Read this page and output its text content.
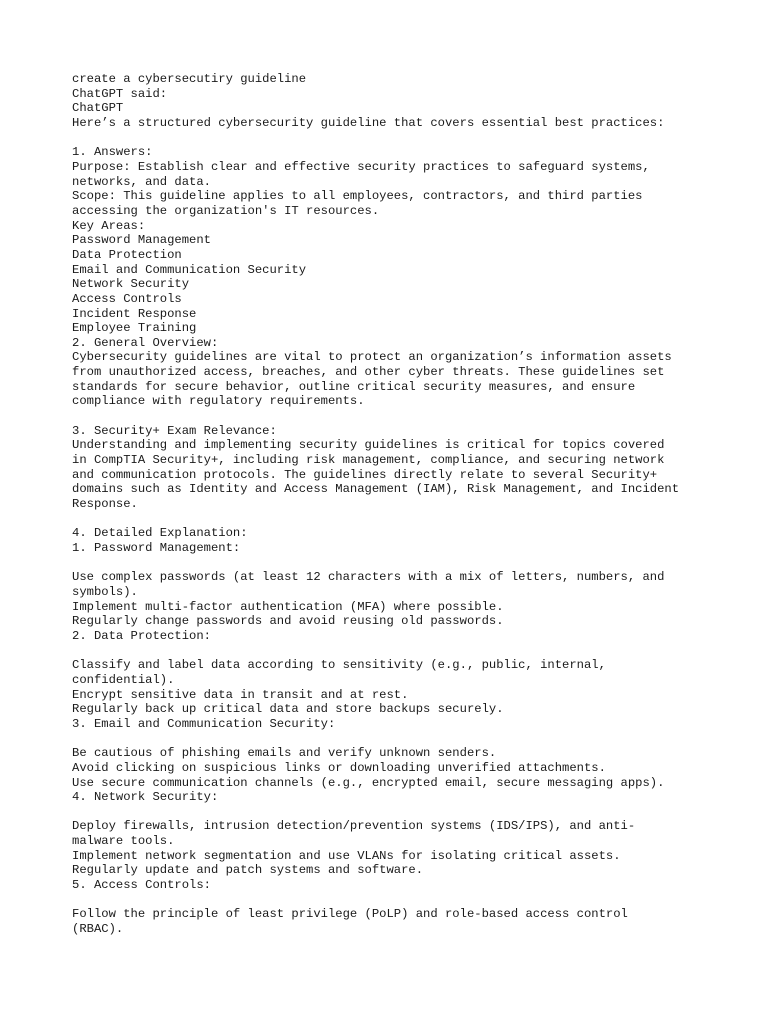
create a cybersecutiry guideline
ChatGPT said:
ChatGPT
Here’s a structured cybersecurity guideline that covers essential best practices:
1. Answers:
Purpose: Establish clear and effective security practices to safeguard systems,
networks, and data.
Scope: This guideline applies to all employees, contractors, and third parties
accessing the organization's IT resources.
Key Areas:
Password Management
Data Protection
Email and Communication Security
Network Security
Access Controls
Incident Response
Employee Training
2. General Overview:
Cybersecurity guidelines are vital to protect an organization’s information assets
from unauthorized access, breaches, and other cyber threats. These guidelines set
standards for secure behavior, outline critical security measures, and ensure
compliance with regulatory requirements.
3. Security+ Exam Relevance:
Understanding and implementing security guidelines is critical for topics covered
in CompTIA Security+, including risk management, compliance, and securing network
and communication protocols. The guidelines directly relate to several Security+
domains such as Identity and Access Management (IAM), Risk Management, and Incident
Response.
4. Detailed Explanation:
1. Password Management:
Use complex passwords (at least 12 characters with a mix of letters, numbers, and
symbols).
Implement multi-factor authentication (MFA) where possible.
Regularly change passwords and avoid reusing old passwords.
2. Data Protection:
Classify and label data according to sensitivity (e.g., public, internal,
confidential).
Encrypt sensitive data in transit and at rest.
Regularly back up critical data and store backups securely.
3. Email and Communication Security:
Be cautious of phishing emails and verify unknown senders.
Avoid clicking on suspicious links or downloading unverified attachments.
Use secure communication channels (e.g., encrypted email, secure messaging apps).
4. Network Security:
Deploy firewalls, intrusion detection/prevention systems (IDS/IPS), and anti-
malware tools.
Implement network segmentation and use VLANs for isolating critical assets.
Regularly update and patch systems and software.
5. Access Controls:
Follow the principle of least privilege (PoLP) and role-based access control
(RBAC).
